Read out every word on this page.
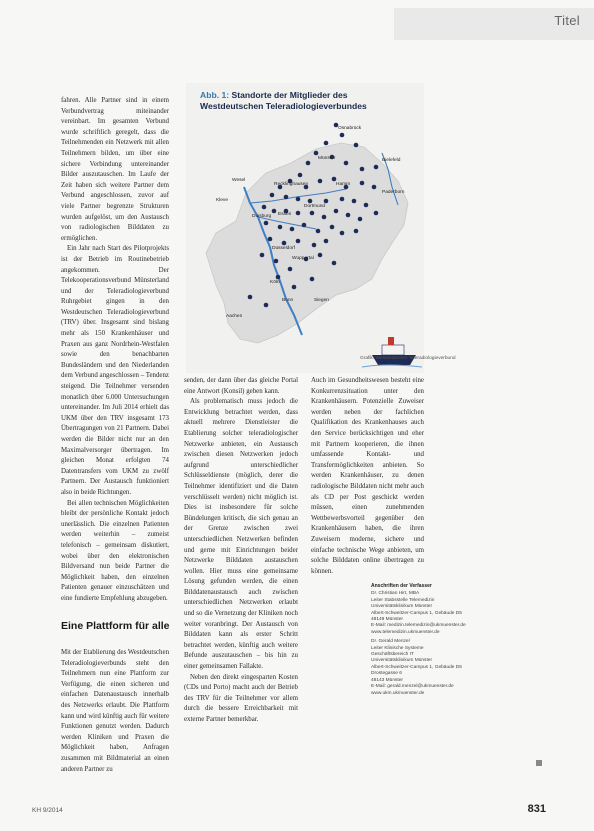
Titel

fahren. Alle Partner sind in einem Verbundvertrag miteinander vereinbart. Im gesamten Verbund wurde schriftlich geregelt, dass die Teilnehmenden ein Netzwerk mit allen Teilnehmern bilden, um über eine sichere Verbindung untereinander Bilder auszutauschen. Im Laufe der Zeit haben sich weitere Partner dem Verbund angeschlossen, zuvor auf viele Partner begrenzte Strukturen wurden aufgelöst, um den Austausch von radiologischen Bilddaten zu ermöglichen.

Ein Jahr nach Start des Pilotprojekts ist der Betrieb im Routinebetrieb angekommen. Der Telekooperationsverbund Münsterland und der Teleradiologieverbund Ruhrgebiet gingen in den Westdeutschen Teleradiologieverbund (TRV) über. Insgesamt sind bislang mehr als 150 Krankenhäuser und Praxen aus ganz Nordrhein-Westfalen sowie den benachbarten Bundesländern und den Niederlanden dem Verbund angeschlossen – Tendenz steigend. Die Teilnehmer versenden monatlich über 6.000 Untersuchungen untereinander. Im Juli 2014 erhielt das UKM über den TRV insgesamt 173 Übertragungen von 21 Partnern. Dabei werden die Bilder nicht nur an den Maximalversorger übertragen. Im gleichen Monat erfolgten 74 Datentransfers vom UKM zu zwölf Partnern. Der Austausch funktioniert also in beide Richtungen.

Bei allen technischen Möglichkeiten bleibt der persönliche Kontakt jedoch unerlässlich. Die einzelnen Patienten werden weiterhin – zumeist telefonisch – gemeinsam diskutiert, wobei über den elektronischen Bildversand nun beide Partner die Möglichkeit haben, den einzelnen Patienten genauer einzuschätzen und eine fundierte Empfehlung abzugeben.

Eine Plattform für alle

Mit der Etablierung des Westdeutschen Teleradiologieverbunds steht den Teilnehmern nun eine Plattform zur Verfügung, die einen sicheren und einfachen Datenaustausch innerhalb des Netzwerks erlaubt. Die Plattform kann und wird künftig auch für weitere Funktionen genutzt werden. Dadurch werden Kliniken und Praxen die Möglichkeit haben, Anfragen zusammen mit Bildmaterial an einen anderen Partner zu

Osnabrück
Bielefeld
Paderborn
Münster
Recklinghausen
Dortmund
Hamm
Duisburg Essen
Düsseldorf
Wuppertal
Köln
Bonn
Aachen
Siegen
Wesel
Kleve
Abb. 1: Standorte der Mitglieder des Westdeutschen Teleradiologieverbundes
Grafik: Westdeutscher Teleradiologieverbund

senden, der dann über das gleiche Portal eine Antwort (Konsil) geben kann.

Als problematisch muss jedoch die Entwicklung betrachtet werden, dass aktuell mehrere Dienstleister die Etablierung solcher teleradiologischer Netzwerke anbieten, ein Austausch zwischen diesen Netzwerken jedoch aufgrund unterschiedlicher Schlüsseldienste (möglich, derer die Teilnehmer identifiziert und die Daten verschlüsselt werden) nicht möglich ist. Dies ist insbesondere für solche Bündelungen kritisch, die sich genau an der Grenze zwischen zwei unterschiedlichen Netzwerken befinden und gerne mit Einrichtungen beider Netzwerke Bilddaten austauschen wollen. Hier muss eine gemeinsame Lösung gefunden werden, die einen Bilddatenaustausch auch zwischen unterschiedlichen Netzwerken erlaubt und so die Vernetzung der Kliniken noch weiter voranbringt. Der Austausch von Bilddaten kann als erster Schritt betrachtet werden, künftig auch weitere Befunde auszutauschen – bis hin zu einer gemeinsamen Fallakte.

Neben den direkt eingesparten Kosten (CDs und Porto) macht auch der Betrieb des TRV für die Teilnehmer vor allem durch die bessere Erreichbarkeit mit externe Partner bemerkbar.

Auch im Gesundheitswesen besteht eine Konkurrenzsituation unter den Krankenhäusern. Potenzielle Zuweiser werden neben der fachlichen Qualifikation des Krankenhauses auch den Service berücksichtigen und eher mit Partnern kooperieren, die ihnen umfassende Kontakt- und Transfermöglichkeiten anbieten. So werden Krankenhäuser, zu denen radiologische Bilddaten nicht mehr auch als CD per Post geschickt werden müssen, einen zunehmenden Wettbewerbsvorteil gegenüber den Krankenhäusern haben, die ihren Zuweisern moderne, sichere und einfache technische Wege anbieten, um solche Bilddaten online übertragen zu können.

Anschriften der Verfasser
Dr. Christian Hirt, MBA
Leiter Stabsstelle Telemedizin
Universitätsklinikum Münster
Albert-Schweitzer-Campus 1, Gebäude D5
48149 Münster
E-Mail: medizin.telemedizin@ukmuenster.de
www.telemedizin.ukmuenster.de
Dr. Gerald Menzel
Leiter Klinische Systeme
Geschäftsbereich IT
Universitätsklinikum Münster
Albert-Schweitzer-Campus 1, Gebäude D5
Drostegasse 6
48143 Münster
E-Mail: gerald.menzel@ukmuenster.de
www.ukm.ukmuenster.de
KH 9/2014	831
